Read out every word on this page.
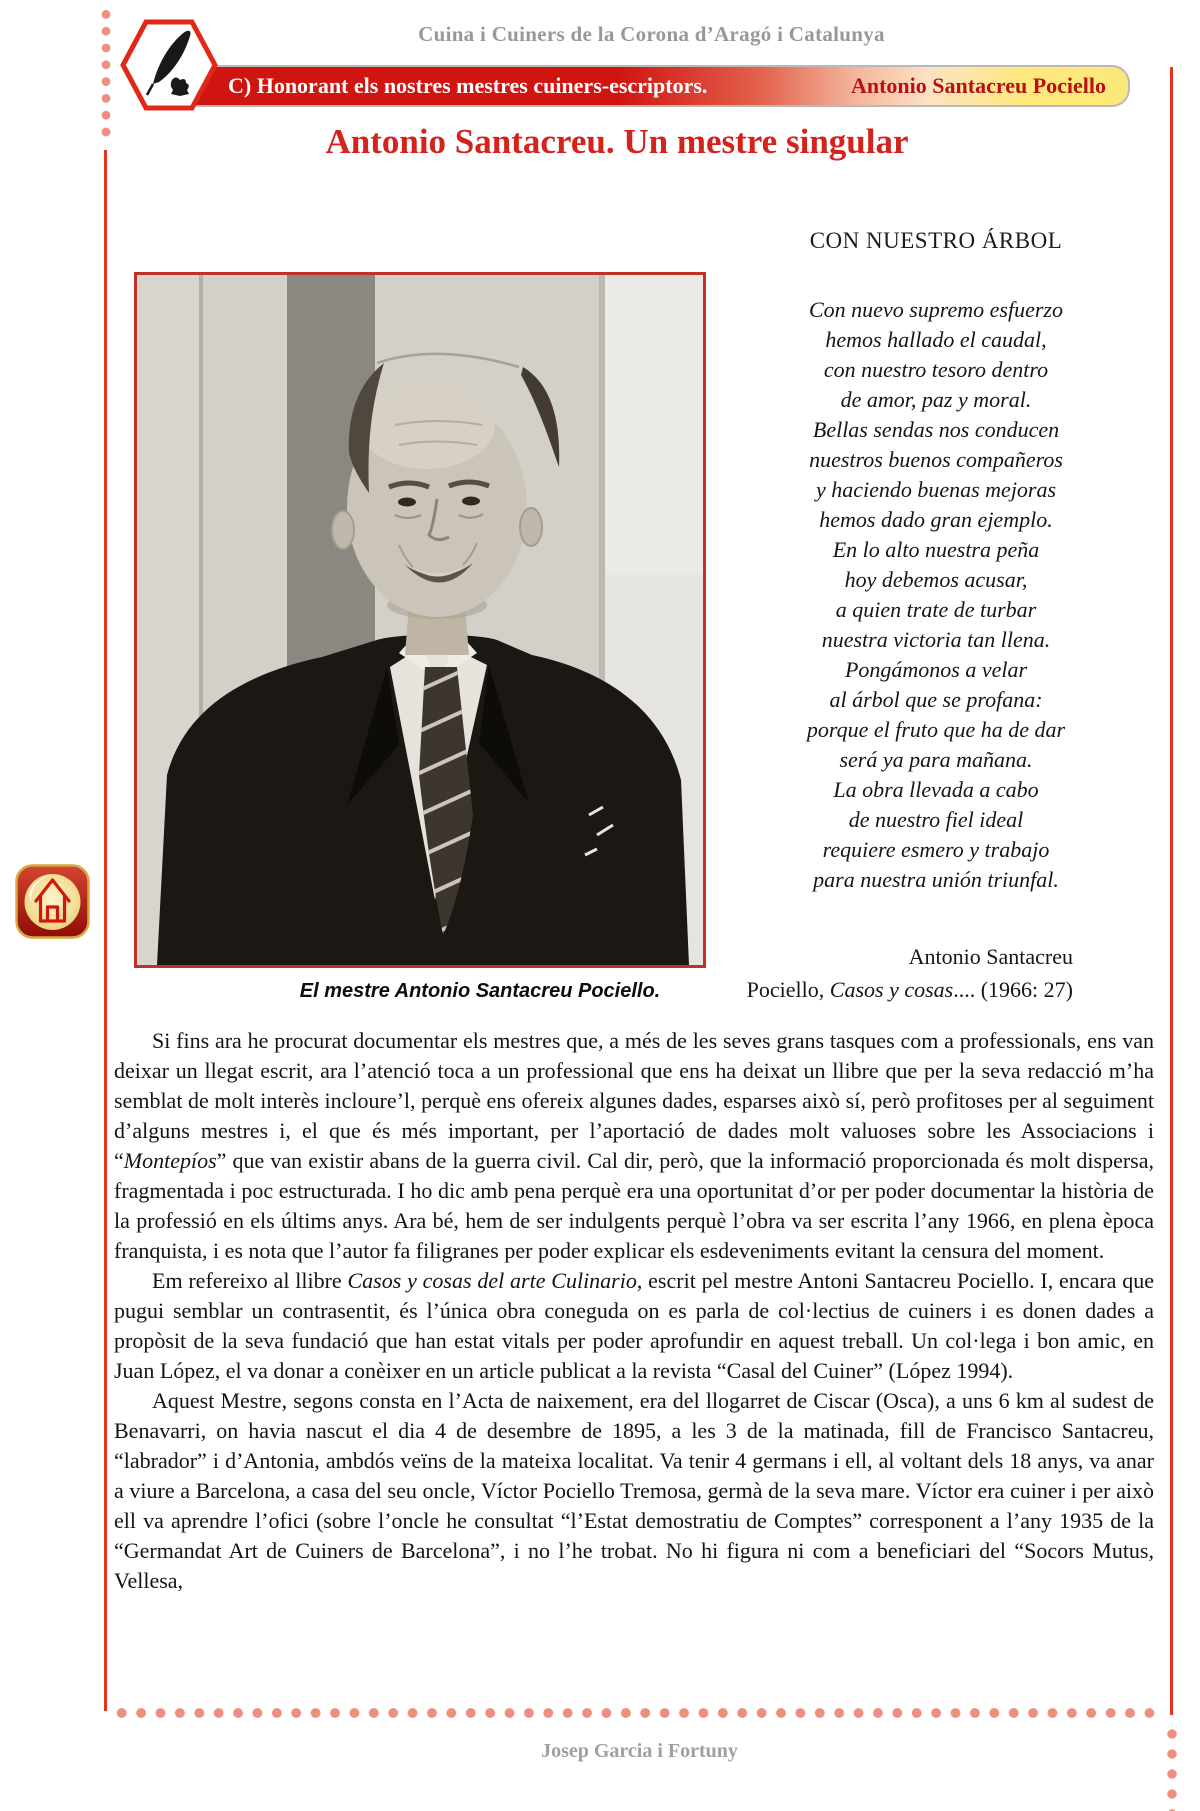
Cuina i Cuiners de la Corona d’Aragó i Catalunya
C) Honorant els nostres mestres cuiners-escriptors.	Antonio Santacreu Pociello
Antonio Santacreu. Un mestre singular
El mestre Antonio Santacreu Pociello.
CON NUESTRO ÁRBOL
Con nuevo supremo esfuerzo
hemos hallado el caudal,
con nuestro tesoro dentro
de amor, paz y moral.
Bellas sendas nos conducen
nuestros buenos compañeros
y haciendo buenas mejoras
hemos dado gran ejemplo.
En lo alto nuestra peña
hoy debemos acusar,
a quien trate de turbar
nuestra victoria tan llena.
Pongámonos a velar
al árbol que se profana:
porque el fruto que ha de dar
será ya para mañana.
La obra llevada a cabo
de nuestro fiel ideal
requiere esmero y trabajo
para nuestra unión triunfal.
Antonio Santacreu
Pociello, Casos y cosas.... (1966: 27)

Si fins ara he procurat documentar els mestres que, a més de les seves grans tasques com a professionals, ens van deixar un llegat escrit, ara l’atenció toca a un professional que ens ha deixat un llibre que per la seva redacció m’ha semblat de molt interès incloure’l, perquè ens ofereix algunes dades, esparses això sí, però profitoses per al seguiment d’alguns mestres i, el que és més important, per l’aportació de dades molt valuoses sobre les Associacions i “Montepíos” que van existir abans de la guerra civil. Cal dir, però, que la informació proporcionada és molt dispersa, fragmentada i poc estructurada. I ho dic amb pena perquè era una oportunitat d’or per poder documentar la història de la professió en els últims anys. Ara bé, hem de ser indulgents perquè l’obra va ser escrita l’any 1966, en plena època franquista, i es nota que l’autor fa filigranes per poder explicar els esdeveniments evitant la censura del moment.

Em refereixo al llibre Casos y cosas del arte Culinario, escrit pel mestre Antoni Santacreu Pociello. I, encara que pugui semblar un contrasentit, és l’única obra coneguda on es parla de col·lectius de cuiners i es donen dades a propòsit de la seva fundació que han estat vitals per poder aprofundir en aquest treball. Un col·lega i bon amic, en Juan López, el va donar a conèixer en un article publicat a la revista “Casal del Cuiner” (López 1994).

Aquest Mestre, segons consta en l’Acta de naixement, era del llogarret de Ciscar (Osca), a uns 6 km al sudest de Benavarri, on havia nascut el dia 4 de desembre de 1895, a les 3 de la matinada, fill de Francisco Santacreu, “labrador” i d’Antonia, ambdós veïns de la mateixa localitat. Va tenir 4 germans i ell, al voltant dels 18 anys, va anar a viure a Barcelona, a casa del seu oncle, Víctor Pociello Tremosa, germà de la seva mare. Víctor era cuiner i per això ell va aprendre l’ofici (sobre l’oncle he consultat “l’Estat demostratiu de Comptes” corresponent a l’any 1935 de la “Germandat Art de Cuiners de Barcelona”, i no l’he trobat. No hi figura ni com a beneficiari del “Socors Mutus, Vellesa,

Josep Garcia i Fortuny
